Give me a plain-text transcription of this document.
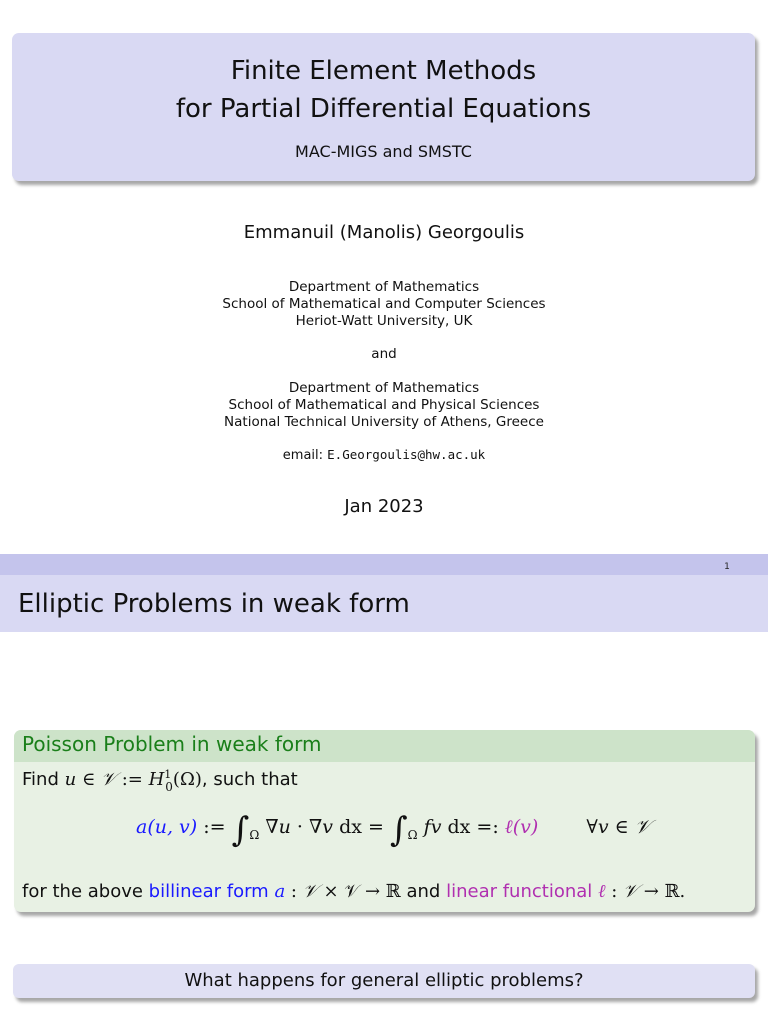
Finite Element Methods
for Partial Differential Equations
MAC-MIGS and SMSTC
Emmanuil (Manolis) Georgoulis
Department of Mathematics
School of Mathematical and Computer Sciences
Heriot-Watt University, UK
and
Department of Mathematics
School of Mathematical and Physical Sciences
National Technical University of Athens, Greece
email: E.Georgoulis@hw.ac.uk
Jan 2023
1
Elliptic Problems in weak form
Poisson Problem in weak form
Find u ∈ 𝒱 := $H^1_0(\Omega)$, such that
a(u, v) := $\int_\Omega$ ∇u · ∇v dx = $\int_\Omega$ fv dx =: ℓ(v)	∀v ∈ 𝒱
for the above billinear form a : 𝒱 × 𝒱 → ℝ and linear functional ℓ : 𝒱 → ℝ.
What happens for general elliptic problems?
